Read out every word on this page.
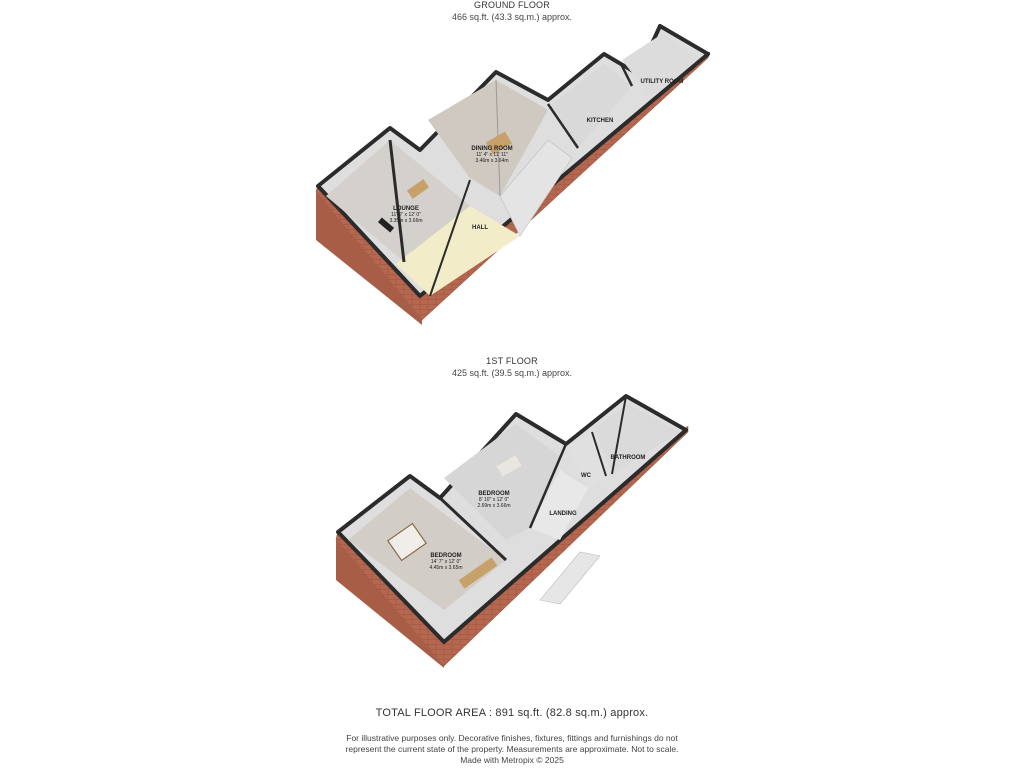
GROUND FLOOR
466 sq.ft. (43.3 sq.m.) approx.
LOUNGE
11' 0" x 12' 0"
3.35m x 3.66m
DINING ROOM
11' 4" x 11' 11"
3.46m x 3.64m
HALL
KITCHEN
UTILITY ROOM
1ST FLOOR
425 sq.ft. (39.5 sq.m.) approx.
BEDROOM
14' 7" x 12' 0"
4.45m x 3.65m
BEDROOM
8' 10" x 12' 0"
2.69m x 3.66m
LANDING
WC
BATHROOM
TOTAL FLOOR AREA : 891 sq.ft. (82.8 sq.m.) approx.
For illustrative purposes only. Decorative finishes, fixtures, fittings and furnishings do not
represent the current state of the property. Measurements are approximate. Not to scale.
Made with Metropix © 2025
